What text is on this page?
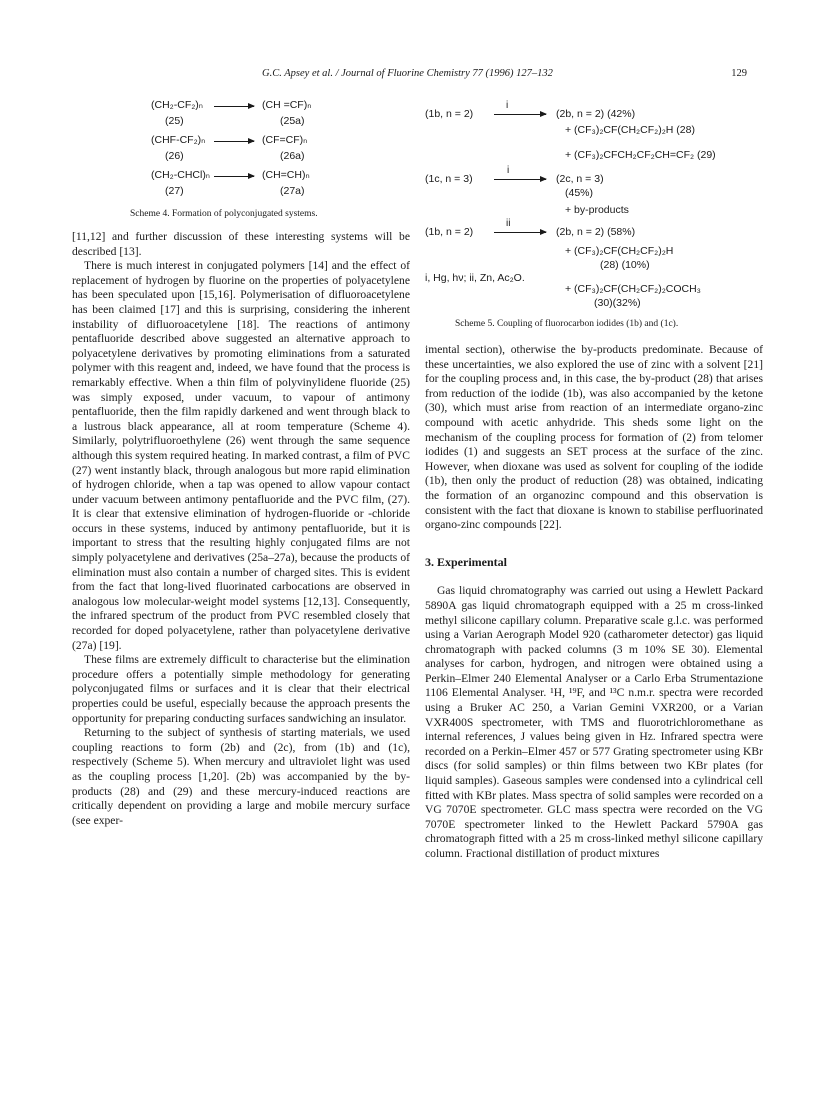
G.C. Apsey et al. / Journal of Fluorine Chemistry 77 (1996) 127–132	129
(CH₂-CF₂)ₙ	(CH =CF)ₙ
(25)	(25a)
(CHF-CF₂)ₙ	(CF=CF)ₙ
(26)	(26a)
(CH₂-CHCl)ₙ	(CH=CH)ₙ
(27)	(27a)
Scheme 4. Formation of polyconjugated systems.
(1b, n = 2)
i
(2b, n = 2) (42%)
+ (CF₃)₂CF(CH₂CF₂)₂H (28)
+ (CF₃)₂CFCH₂CF₂CH=CF₂ (29)
(1c, n = 3)
i
(2c, n = 3)
(45%)
+ by-products
(1b, n = 2)
ii
(2b, n = 2) (58%)
+ (CF₃)₂CF(CH₂CF₂)₂H
(28) (10%)
+ (CF₃)₂CF(CH₂CF₂)₂COCH₃
(30)(32%)
i, Hg, hν; ii, Zn, Ac₂O.
Scheme 5. Coupling of fluorocarbon iodides (1b) and (1c).

[11,12] and further discussion of these interesting systems will be described [13].

There is much interest in conjugated polymers [14] and the effect of replacement of hydrogen by fluorine on the properties of polyacetylene has been speculated upon [15,16]. Polymerisation of difluoroacetylene has been claimed [17] and this is surprising, considering the inherent instability of difluoroacetylene [18]. The reactions of antimony pentafluoride described above suggested an alternative approach to polyacetylene derivatives by promoting eliminations from a saturated polymer with this reagent and, indeed, we have found that the process is remarkably effective. When a thin film of polyvinylidene fluoride (25) was simply exposed, under vacuum, to vapour of antimony pentafluoride, then the film rapidly darkened and went through black to a lustrous black appearance, all at room temperature (Scheme 4). Similarly, polytrifluoroethylene (26) went through the same sequence although this system required heating. In marked contrast, a film of PVC (27) went instantly black, through analogous but more rapid elimination of hydrogen chloride, when a tap was opened to allow vapour contact under vacuum between antimony pentafluoride and the PVC film, (27). It is clear that extensive elimination of hydrogen-fluoride or -chloride occurs in these systems, induced by antimony pentafluoride, but it is important to stress that the resulting highly conjugated films are not simply polyacetylene and derivatives (25a–27a), because the products of elimination must also contain a number of charged sites. This is evident from the fact that long-lived fluorinated carbocations are observed in analogous low molecular-weight model systems [12,13]. Consequently, the infrared spectrum of the product from PVC resembled closely that recorded for doped polyacetylene, rather than polyacetylene derivative (27a) [19].

These films are extremely difficult to characterise but the elimination procedure offers a potentially simple methodology for generating polyconjugated films or surfaces and it is clear that their electrical properties could be useful, especially because the approach presents the opportunity for preparing conducting surfaces sandwiching an insulator.

Returning to the subject of synthesis of starting materials, we used coupling reactions to form (2b) and (2c), from (1b) and (1c), respectively (Scheme 5). When mercury and ultraviolet light was used as the coupling process [1,20]. (2b) was accompanied by the by-products (28) and (29) and these mercury-induced reactions are critically dependent on providing a large and mobile mercury surface (see exper-

imental section), otherwise the by-products predominate. Because of these uncertainties, we also explored the use of zinc with a solvent [21] for the coupling process and, in this case, the by-product (28) that arises from reduction of the iodide (1b), was also accompanied by the ketone (30), which must arise from reaction of an intermediate organo-zinc compound with acetic anhydride. This sheds some light on the mechanism of the coupling process for formation of (2) from telomer iodides (1) and suggests an SET process at the surface of the zinc. However, when dioxane was used as solvent for coupling of the iodide (1b), then only the product of reduction (28) was obtained, indicating the formation of an organozinc compound and this observation is consistent with the fact that dioxane is known to stabilise perfluorinated organo-zinc compounds [22].

3. Experimental

Gas liquid chromatography was carried out using a Hewlett Packard 5890A gas liquid chromatograph equipped with a 25 m cross-linked methyl silicone capillary column. Preparative scale g.l.c. was performed using a Varian Aerograph Model 920 (catharometer detector) gas liquid chromatograph with packed columns (3 m 10% SE 30). Elemental analyses for carbon, hydrogen, and nitrogen were obtained using a Perkin–Elmer 240 Elemental Analyser or a Carlo Erba Strumentazione 1106 Elemental Analyser. ¹H, ¹⁹F, and ¹³C n.m.r. spectra were recorded using a Bruker AC 250, a Varian Gemini VXR200, or a Varian VXR400S spectrometer, with TMS and fluorotrichloromethane as internal references, J values being given in Hz. Infrared spectra were recorded on a Perkin–Elmer 457 or 577 Grating spectrometer using KBr discs (for solid samples) or thin films between two KBr plates (for liquid samples). Gaseous samples were condensed into a cylindrical cell fitted with KBr plates. Mass spectra of solid samples were recorded on a VG 7070E spectrometer. GLC mass spectra were recorded on the VG 7070E spectrometer linked to the Hewlett Packard 5790A gas chromatograph fitted with a 25 m cross-linked methyl silicone capillary column. Fractional distillation of product mixtures
